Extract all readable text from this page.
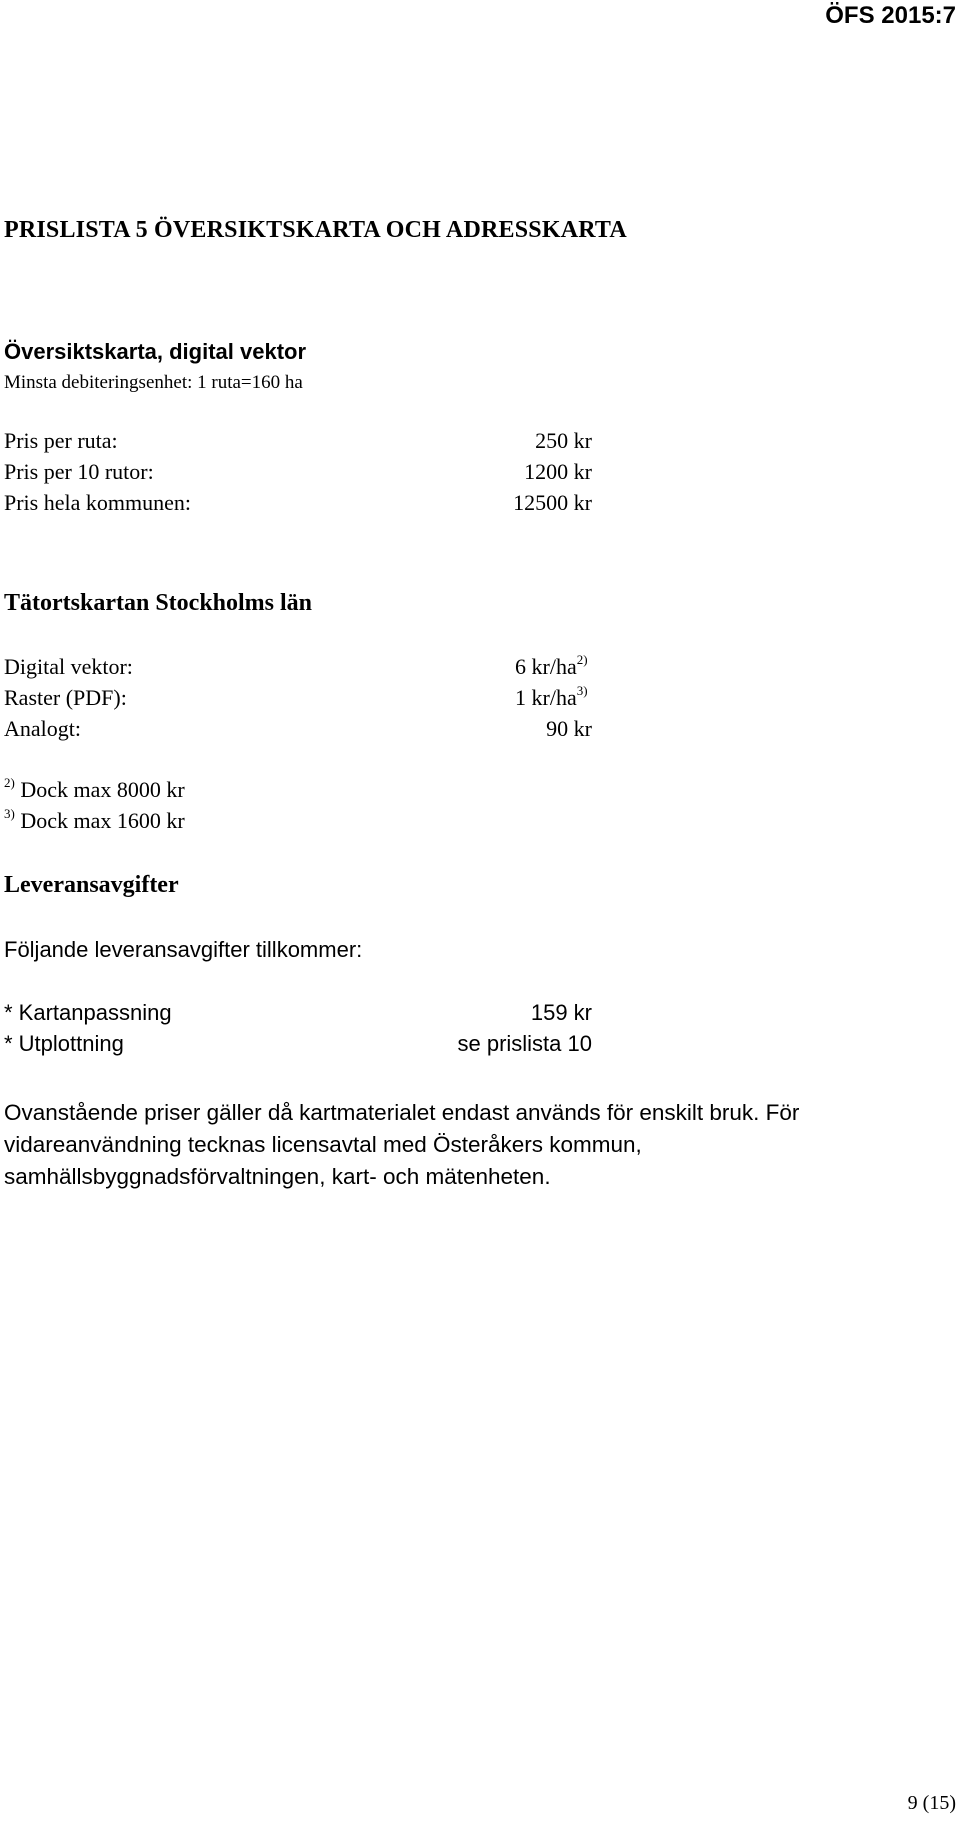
ÖFS 2015:7
PRISLISTA 5 ÖVERSIKTSKARTA OCH ADRESSKARTA
Översiktskarta, digital vektor
Minsta debiteringsenhet: 1 ruta=160 ha
Pris per ruta:	250 kr
Pris per 10 rutor:	1200 kr
Pris hela kommunen:	12500 kr
Tätortskartan Stockholms län
Digital vektor:	6 $kr/ha^{2)}$
Raster (PDF):	1 $kr/ha^{3)}$
Analogt:	90 kr
$^{2)}$ Dock max 8000 kr
$^{3)}$ Dock max 1600 kr
Leveransavgifter
Följande leveransavgifter tillkommer:
* Kartanpassning	159 kr
* Utplottning	se prislista 10
Ovanstående priser gäller då kartmaterialet endast används för enskilt bruk. För vidareanvändning tecknas licensavtal med Österåkers kommun, samhällsbyggnadsförvaltningen, kart- och mätenheten.
9 (15)
